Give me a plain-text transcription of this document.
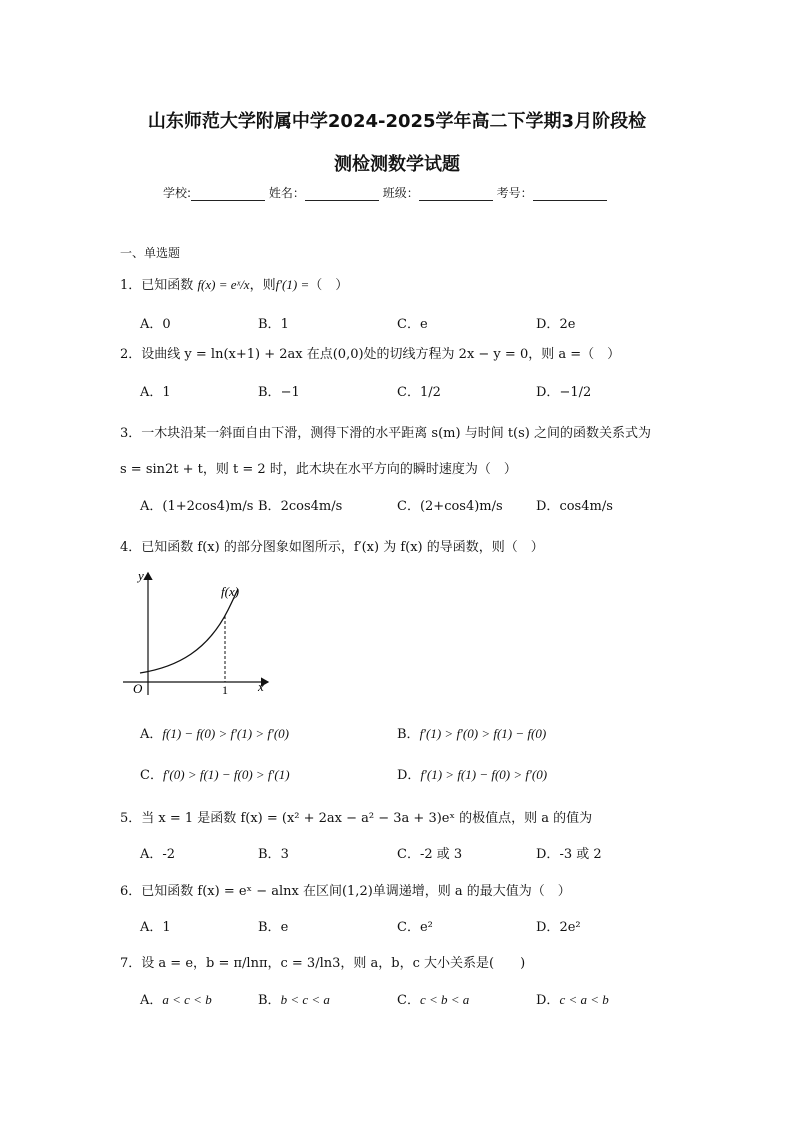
山东师范大学附属中学2024-2025学年高二下学期3月阶段检
测检测数学试题
学校:	姓名：	班级：	考号：
一、单选题
1．已知函数 f(x) = eˣ/x，则f′(1) =（　）
A．0	B．1	C．e	D．2e
2．设曲线 y = ln(x+1) + 2ax 在点(0,0)处的切线方程为 2x − y = 0，则 a =（　）
A．1	B．−1	C．1/2	D．−1/2
3．一木块沿某一斜面自由下滑，测得下滑的水平距离 s(m) 与时间 t(s) 之间的函数关系式为
s = sin2t + t，则 t = 2 时，此木块在水平方向的瞬时速度为（　）
A．(1+2cos4)m/s B．2cos4m/s	C．(2+cos4)m/s	D．cos4m/s
4．已知函数 f(x) 的部分图象如图所示，f′(x) 为 f(x) 的导函数，则（　）
y
x
O	1
f(x)
A．f(1) − f(0) > f′(1) > f′(0)	B．f′(1) > f′(0) > f(1) − f(0)
C．f′(0) > f(1) − f(0) > f′(1)	D．f′(1) > f(1) − f(0) > f′(0)
5．当 x = 1 是函数 f(x) = (x² + 2ax − a² − 3a + 3)eˣ 的极值点，则 a 的值为
A．-2	B．3	C．-2 或 3	D．-3 或 2
6．已知函数 f(x) = eˣ − alnx 在区间(1,2)单调递增，则 a 的最大值为（　）
A．1	B．e	C．e²	D．2e²
7．设 a = e，b = π/lnπ，c = 3/ln3，则 a，b，c 大小关系是(　　)
A．a < c < b	B．b < c < a	C．c < b < a	D．c < a < b
